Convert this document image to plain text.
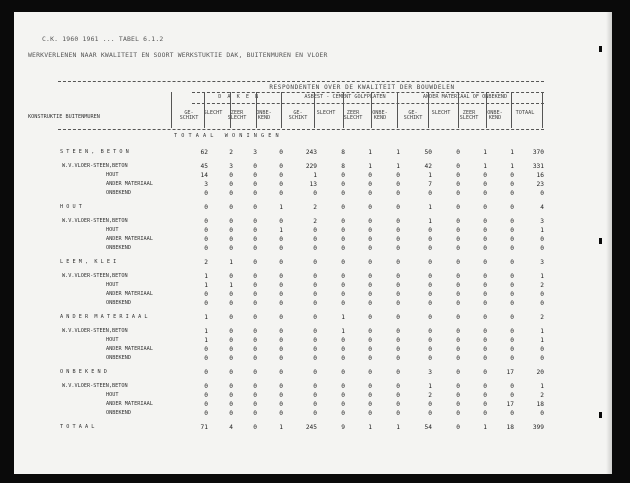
C.K. 1960 1961 ... TABEL 6.1.2
WERKVERLENEN NAAR KWALITEIT EN SOORT WERKSTUKTIE DAK, BUITENMUREN EN VLOER
RESPONDENTEN OVER DE KWALITEIT DER BOUWDELEN
D A K E N	ASBEST - CEMENT GOLFPLATEN	ANDER MATERIAAL OF ONBEKEND
KONSTRUKTIE BUITENMUREN
GE-
SCHIKT
SLECHT	ZEER
SLECHT
ONBE-
KEND
GE-
SCHIKT
SLECHT	ZEER
SLECHT
ONBE-
KEND
GE-
SCHIKT
SLECHT	ZEER
SLECHT
ONBE-
KEND
TOTAAL
T O T A A L   W O N I N G E N
S T E E N ,  B E T O N	62	2	3	0	243	8	1	1	50	0	1	1	370
W.V.VLOER-STEEN,BETON	45	3	0	0	229	8	1	1	42	0	1	1	331
HOUT	14	0	0	0	1	0	0	0	1	0	0	0	16
ANDER MATERIAAL	3	0	0	0	13	0	0	0	7	0	0	0	23
ONBEKEND	0	0	0	0	0	0	0	0	0	0	0	0	0
H O U T	0	0	0	1	2	0	0	0	1	0	0	0	4
W.V.VLOER-STEEN,BETON	0	0	0	0	2	0	0	0	1	0	0	0	3
HOUT	0	0	0	1	0	0	0	0	0	0	0	0	1
ANDER MATERIAAL	0	0	0	0	0	0	0	0	0	0	0	0	0
ONBEKEND	0	0	0	0	0	0	0	0	0	0	0	0	0
L E E M ,  K L E I	2	1	0	0	0	0	0	0	0	0	0	0	3
W.V.VLOER-STEEN,BETON	1	0	0	0	0	0	0	0	0	0	0	0	1
HOUT	1	1	0	0	0	0	0	0	0	0	0	0	2
ANDER MATERIAAL	0	0	0	0	0	0	0	0	0	0	0	0	0
ONBEKEND	0	0	0	0	0	0	0	0	0	0	0	0	0
A N D E R  M A T E R I A A L	1	0	0	0	0	1	0	0	0	0	0	0	2
W.V.VLOER-STEEN,BETON	1	0	0	0	0	1	0	0	0	0	0	0	1
HOUT	1	0	0	0	0	0	0	0	0	0	0	0	1
ANDER MATERIAAL	0	0	0	0	0	0	0	0	0	0	0	0	0
ONBEKEND	0	0	0	0	0	0	0	0	0	0	0	0	0
O N B E K E N D	0	0	0	0	0	0	0	0	3	0	0	17	20
W.V.VLOER-STEEN,BETON	0	0	0	0	0	0	0	0	1	0	0	0	1
HOUT	0	0	0	0	0	0	0	0	2	0	0	0	2
ANDER MATERIAAL	0	0	0	0	0	0	0	0	0	0	0	17	18
ONBEKEND	0	0	0	0	0	0	0	0	0	0	0	0	0
T O T A A L	71	4	0	1	245	9	1	1	54	0	1	18	399
